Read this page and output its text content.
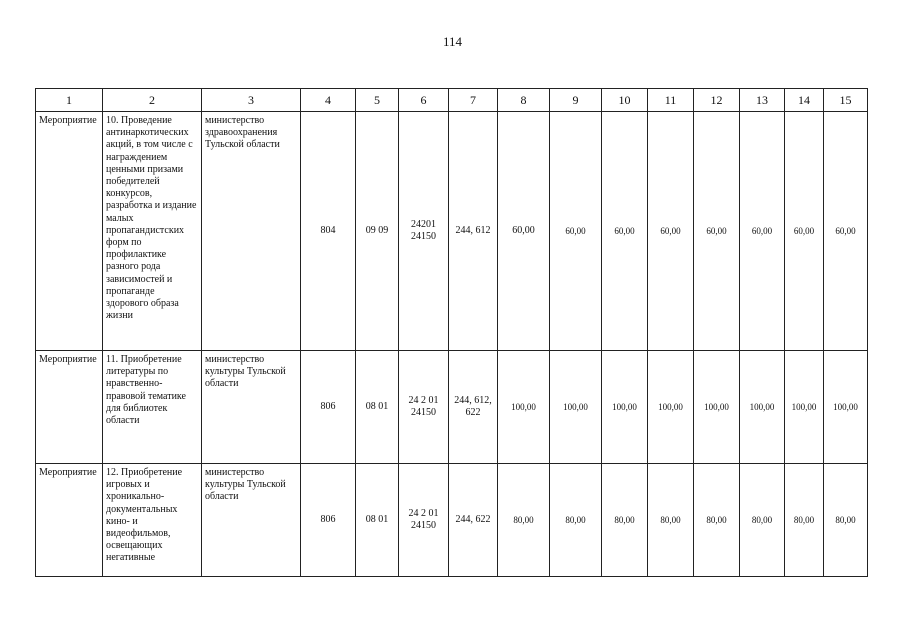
114
1	2	3	4	5	6	7	8	9	10	11	12	13	14	15
Мероприятие	10. Проведение антинаркотических акций, в том числе с награждением ценными призами победителей конкурсов, разработка и издание малых пропагандистских форм по профилактике разного рода зависимостей и пропаганде здорового образа жизни	министерство здравоохранения Тульской области	804	09 09	24201 24150	244, 612	60,00	60,00	60,00	60,00	60,00	60,00	60,00	60,00
Мероприятие	11. Приобретение литературы по нравственно-правовой тематике для библиотек области	министерство культуры Тульской области	806	08 01	24 2 01 24150	244, 612, 622	100,00	100,00	100,00	100,00	100,00	100,00	100,00	100,00
Мероприятие	12. Приобретение игровых и хроникально-документальных кино- и видеофильмов, освещающих негативные	министерство культуры Тульской области	806	08 01	24 2 01 24150	244, 622	80,00	80,00	80,00	80,00	80,00	80,00	80,00	80,00
